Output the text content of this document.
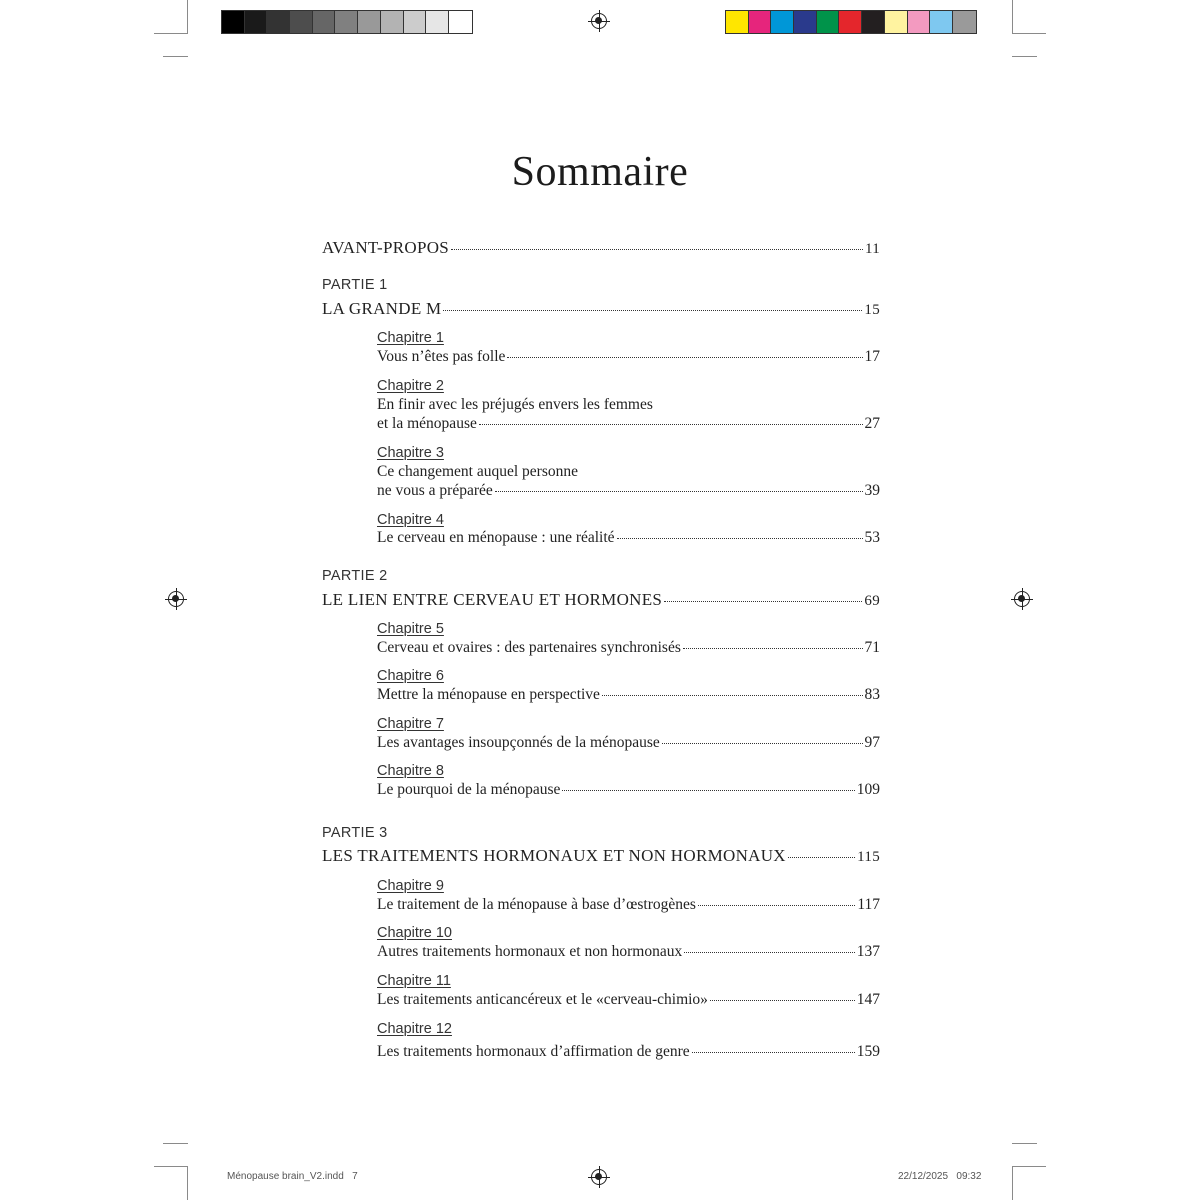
Sommaire
AVANT-PROPOS	11
PARTIE 1
LA GRANDE M	15
Chapitre 1
Vous n’êtes pas folle	17
Chapitre 2
En finir avec les préjugés envers les femmes
et la ménopause	27
Chapitre 3
Ce changement auquel personne
ne vous a préparée	39
Chapitre 4
Le cerveau en ménopause : une réalité	53
PARTIE 2
LE LIEN ENTRE CERVEAU ET HORMONES	69
Chapitre 5
Cerveau et ovaires : des partenaires synchronisés	71
Chapitre 6
Mettre la ménopause en perspective	83
Chapitre 7
Les avantages insoupçonnés de la ménopause	97
Chapitre 8
Le pourquoi de la ménopause	109
PARTIE 3
LES TRAITEMENTS HORMONAUX ET NON HORMONAUX	115
Chapitre 9
Le traitement de la ménopause à base d’œstrogènes	117
Chapitre 10
Autres traitements hormonaux et non hormonaux	137
Chapitre 11
Les traitements anticancéreux et le «cerveau-chimio»	147
Chapitre 12
Les traitements hormonaux d’affirmation de genre	159
Ménopause brain_V2.indd   7	22/12/2025   09:32
